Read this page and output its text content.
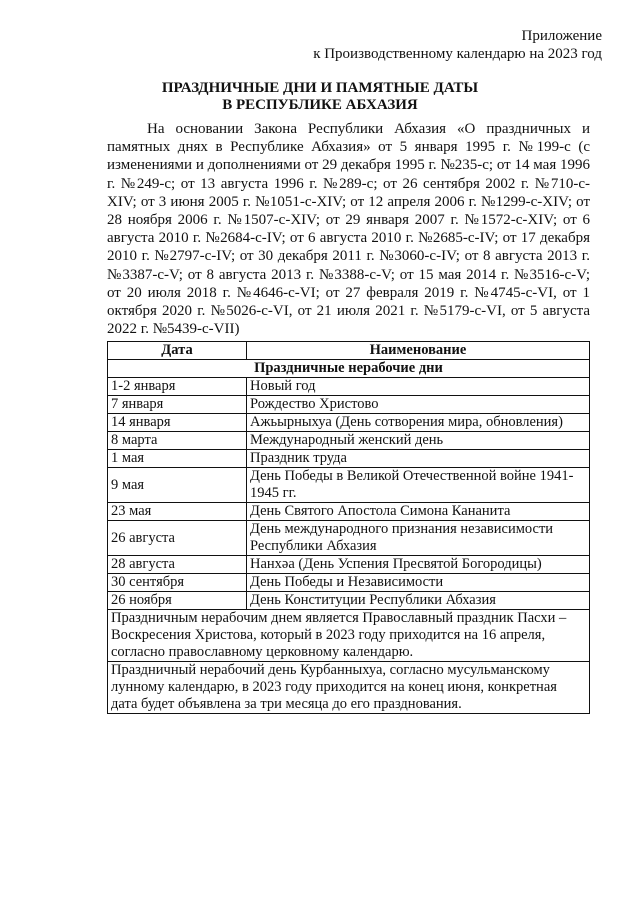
Приложение
к Производственному календарю на 2023 год
ПРАЗДНИЧНЫЕ ДНИ И ПАМЯТНЫЕ ДАТЫ
В РЕСПУБЛИКЕ АБХАЗИЯ
На основании Закона Республики Абхазия «О праздничных и памятных днях в Республике Абхазия» от 5 января 1995 г. №199-с (с изменениями и дополнениями от 29 декабря 1995 г. №235-с; от 14 мая 1996 г. №249-с; от 13 августа 1996 г. №289-с; от 26 сентября 2002 г. №710-с-XIV; от 3 июня 2005 г. №1051-с-XIV; от 12 апреля 2006 г. №1299-с-XIV; от 28 ноября 2006 г. №1507-с-XIV; от 29 января 2007 г. №1572-с-XIV; от 6 августа 2010 г. №2684-с-IV; от 6 августа 2010 г. №2685-с-IV; от 17 декабря 2010 г. №2797-с-IV; от 30 декабря 2011 г. №3060-с-IV; от 8 августа 2013 г. №3387-с-V; от 8 августа 2013 г. №3388-с-V; от 15 мая 2014 г. №3516-с-V; от 20 июля 2018 г. №4646-с-VI; от 27 февраля 2019 г. №4745-с-VI, от 1 октября 2020 г. №5026-с-VI, от 21 июля 2021 г. №5179-с-VI, от 5 августа 2022 г. №5439-с-VII)
Дата	Наименование
Праздничные нерабочие дни	
1-2 января	Новый год
7 января	Рождество Христово
14 января	Ажьырныхуа (День сотворения мира, обновления)
8 марта	Международный женский день
1 мая	Праздник труда
9 мая	День Победы в Великой Отечественной войне 1941-1945 гг.
23 мая	День Святого Апостола Симона Кананита
26 августа	День международного признания независимости Республики Абхазия
28 августа	Нанхәа (День Успения Пресвятой Богородицы)
30 сентября	День Победы и Независимости
26 ноября	День Конституции Республики Абхазия
Праздничным нерабочим днем является Православный праздник Пасхи – Воскресения Христова, который в 2023 году приходится на 16 апреля, согласно православному церковному календарю.	
Праздничный нерабочий день Курбанныхуа, согласно мусульманскому лунному календарю, в 2023 году приходится на конец июня, конкретная дата будет объявлена за три месяца до его празднования.	
